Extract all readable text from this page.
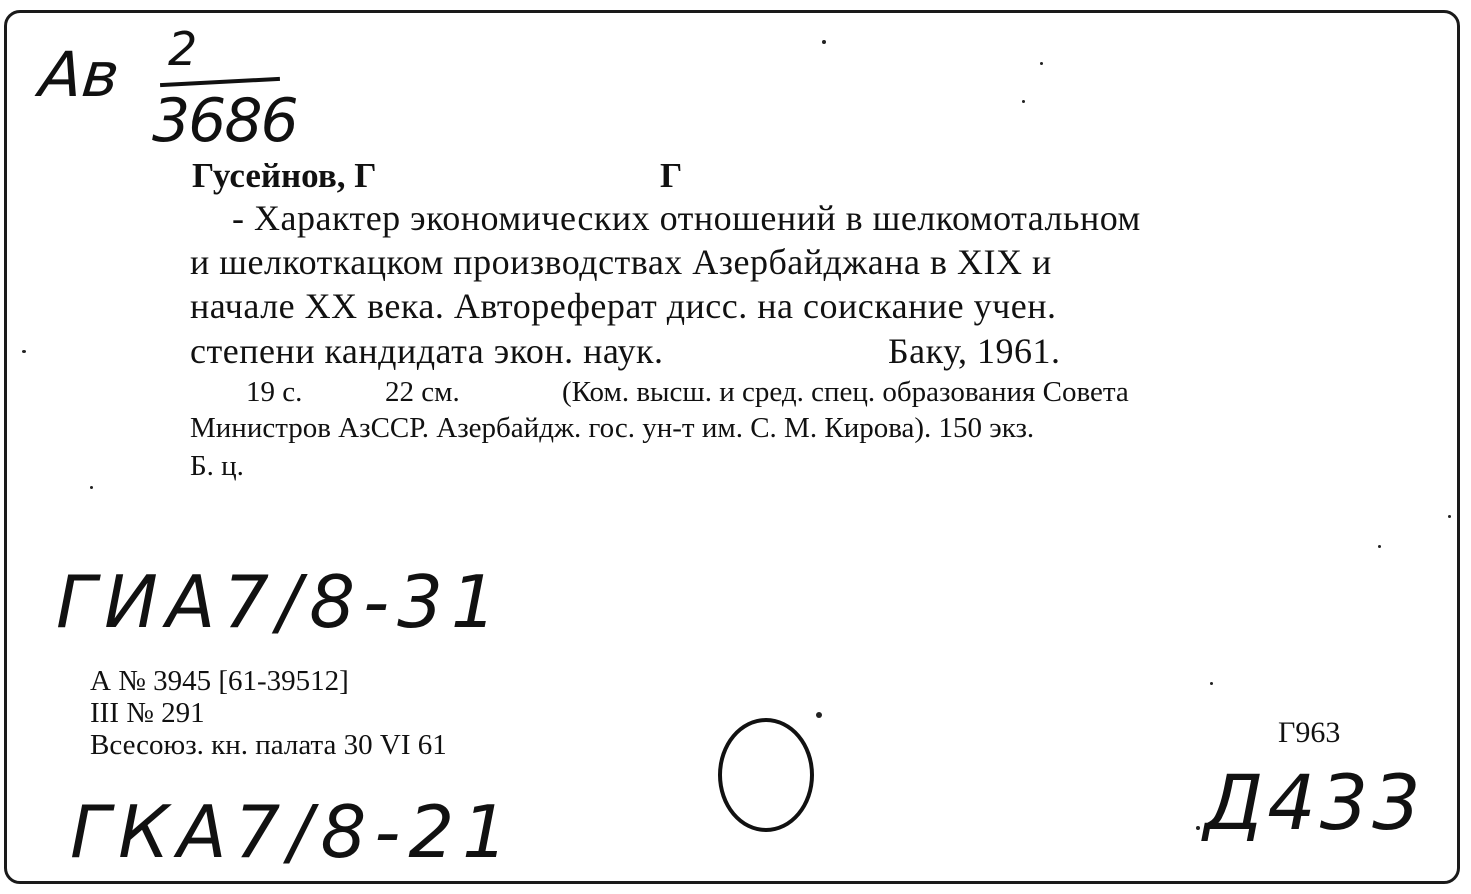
Ав 2
3686
Гусейнов, Г	Г
- Характер экономических отношений в шелкомотальном
и шелкоткацком производствах Азербайджана в XIX и
начале XX века. Автореферат дисс. на соискание учен.
степени кандидата экон. наук.	Баку, 1961.
19 с.	22 см.	(Ком. высш. и сред. спец. образования Совета
Министров АзССР. Азербайдж. гос. ун-т им. С. М. Кирова). 150 экз.
Б. ц.
ГИА7/8-31
ГКА7/8-21
А № 3945 [61-39512]
III № 291
Всесоюз. кн. палата 30 VI 61	Г963
Д433
